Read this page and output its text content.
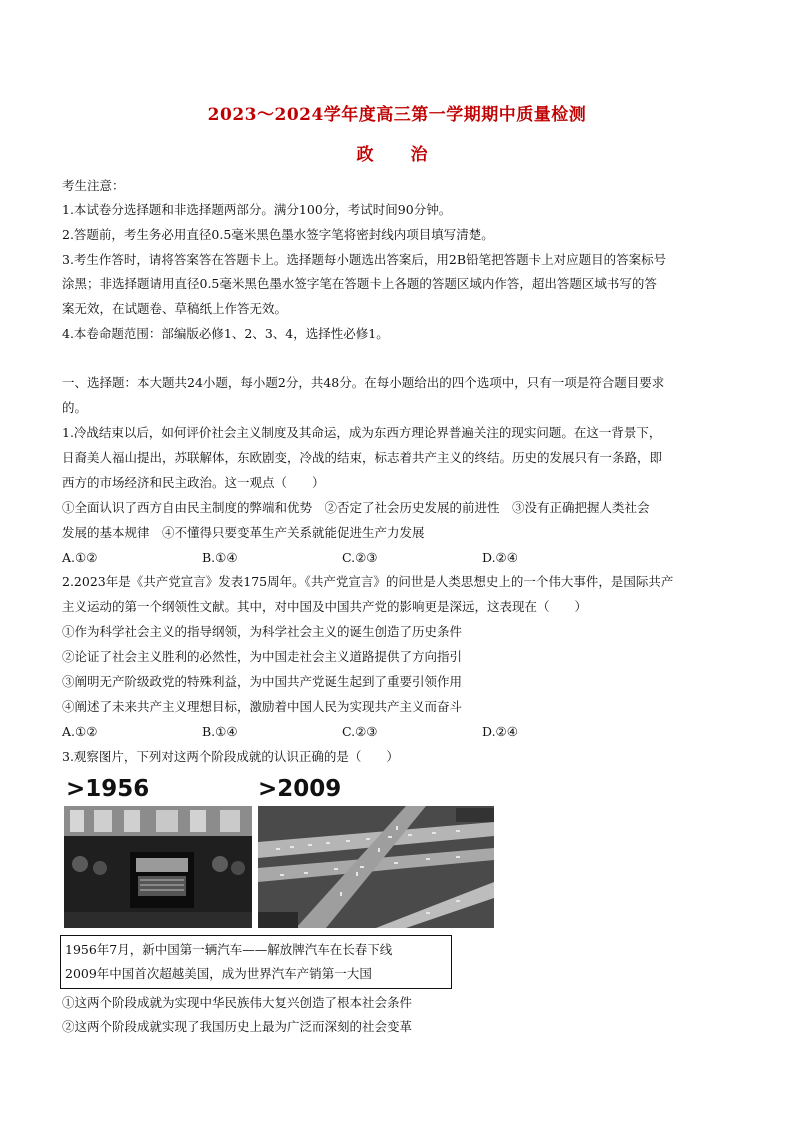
2023～2024学年度高三第一学期期中质量检测
政　治
考生注意：
1.本试卷分选择题和非选择题两部分。满分100分，考试时间90分钟。
2.答题前，考生务必用直径0.5毫米黑色墨水签字笔将密封线内项目填写清楚。
3.考生作答时，请将答案答在答题卡上。选择题每小题选出答案后，用2B铅笔把答题卡上对应题目的答案标号
涂黑；非选择题请用直径0.5毫米黑色墨水签字笔在答题卡上各题的答题区域内作答，超出答题区域书写的答
案无效，在试题卷、草稿纸上作答无效。
4.本卷命题范围：部编版必修1、2、3、4，选择性必修1。
一、选择题：本大题共24小题，每小题2分，共48分。在每小题给出的四个选项中，只有一项是符合题目要求
的。
1.冷战结束以后，如何评价社会主义制度及其命运，成为东西方理论界普遍关注的现实问题。在这一背景下，
日裔美人福山提出，苏联解体，东欧剧变，冷战的结束，标志着共产主义的终结。历史的发展只有一条路，即
西方的市场经济和民主政治。这一观点（　　）
①全面认识了西方自由民主制度的弊端和优势　②否定了社会历史发展的前进性　③没有正确把握人类社会
发展的基本规律　④不懂得只要变革生产关系就能促进生产力发展
A.①②	B.①④	C.②③	D.②④
2.2023年是《共产党宣言》发表175周年。《共产党宣言》的问世是人类思想史上的一个伟大事件，是国际共产
主义运动的第一个纲领性文献。其中，对中国及中国共产党的影响更是深远，这表现在（　　）
①作为科学社会主义的指导纲领，为科学社会主义的诞生创造了历史条件
②论证了社会主义胜利的必然性，为中国走社会主义道路提供了方向指引
③阐明无产阶级政党的特殊利益，为中国共产党诞生起到了重要引领作用
④阐述了未来共产主义理想目标，激励着中国人民为实现共产主义而奋斗
A.①②	B.①④	C.②③	D.②④
3.观察图片，下列对这两个阶段成就的认识正确的是（　　）
>1956	>2009
1956年7月，新中国第一辆汽车——解放牌汽车在长春下线
2009年中国首次超越美国，成为世界汽车产销第一大国
①这两个阶段成就为实现中华民族伟大复兴创造了根本社会条件
②这两个阶段成就实现了我国历史上最为广泛而深刻的社会变革
